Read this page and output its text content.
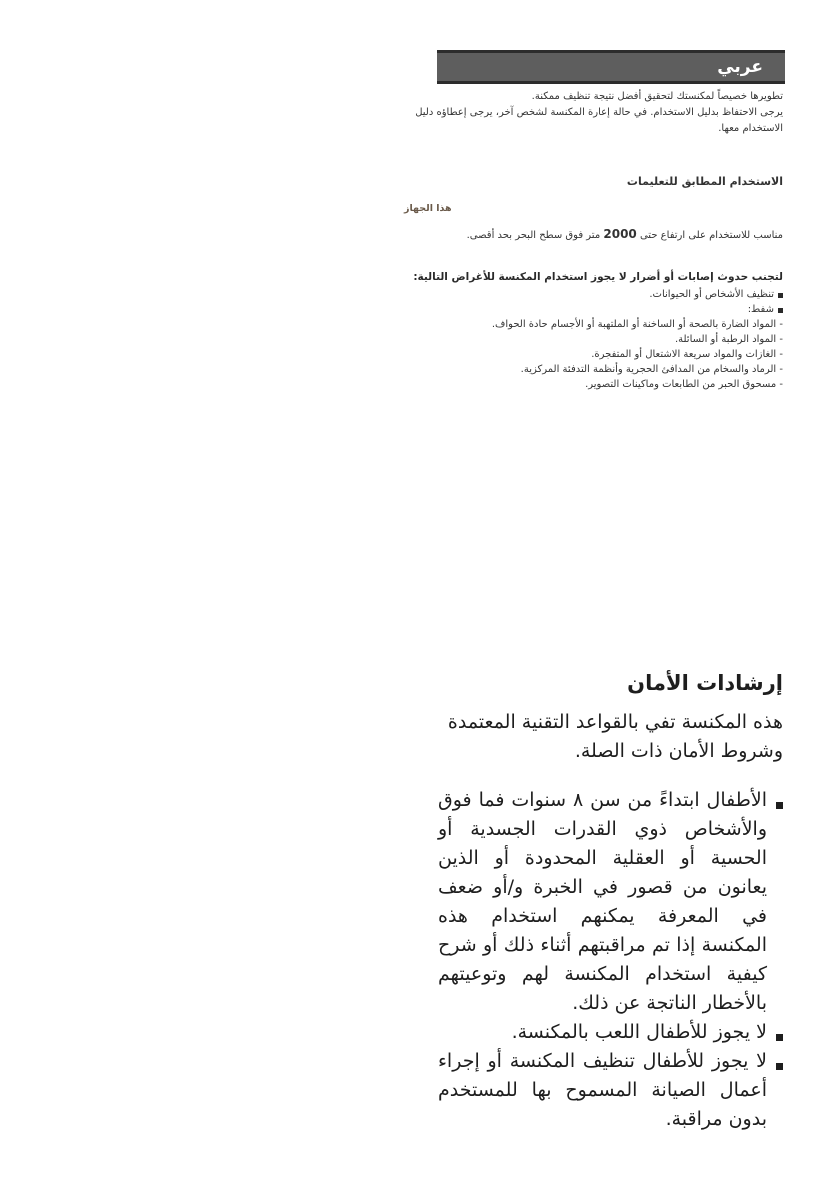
عربي
تطويرها خصيصاً لمكنستك لتحقيق أفضل نتيجة تنظيف ممكنة.
يرجى الاحتفاظ بدليل الاستخدام. في حالة إعارة المكنسة لشخص آخر، يرجى إعطاؤه دليل الاستخدام معها.
الاستخدام المطابق للتعليمات
هذا الجهاز
مناسب للاستخدام على ارتفاع حتى 2000 متر فوق سطح البحر بحد أقصى.
لتجنب حدوث إصابات أو أضرار لا يجوز استخدام المكنسة للأغراض التالية:
تنظيف الأشخاص أو الحيوانات.
شفط:
- المواد الضارة بالصحة أو الساخنة أو الملتهبة أو الأجسام حادة الحواف.
- المواد الرطبة أو السائلة.
- الغازات والمواد سريعة الاشتعال أو المتفجرة.
- الرماد والسخام من المدافئ الحجرية وأنظمة التدفئة المركزية.
- مسحوق الحبر من الطابعات وماكينات التصوير.
إرشادات الأمان
هذه المكنسة تفي بالقواعد التقنية المعتمدة وشروط الأمان ذات الصلة.
الأطفال ابتداءً من سن ٨ سنوات فما فوق والأشخاص ذوي القدرات الجسدية أو الحسية أو العقلية المحدودة أو الذين يعانون من قصور في الخبرة و/أو ضعف في المعرفة يمكنهم استخدام هذه المكنسة إذا تم مراقبتهم أثناء ذلك أو شرح كيفية استخدام المكنسة لهم وتوعيتهم بالأخطار الناتجة عن ذلك.
لا يجوز للأطفال اللعب بالمكنسة.
لا يجوز للأطفال تنظيف المكنسة أو إجراء أعمال الصيانة المسموح بها للمستخدم بدون مراقبة.
